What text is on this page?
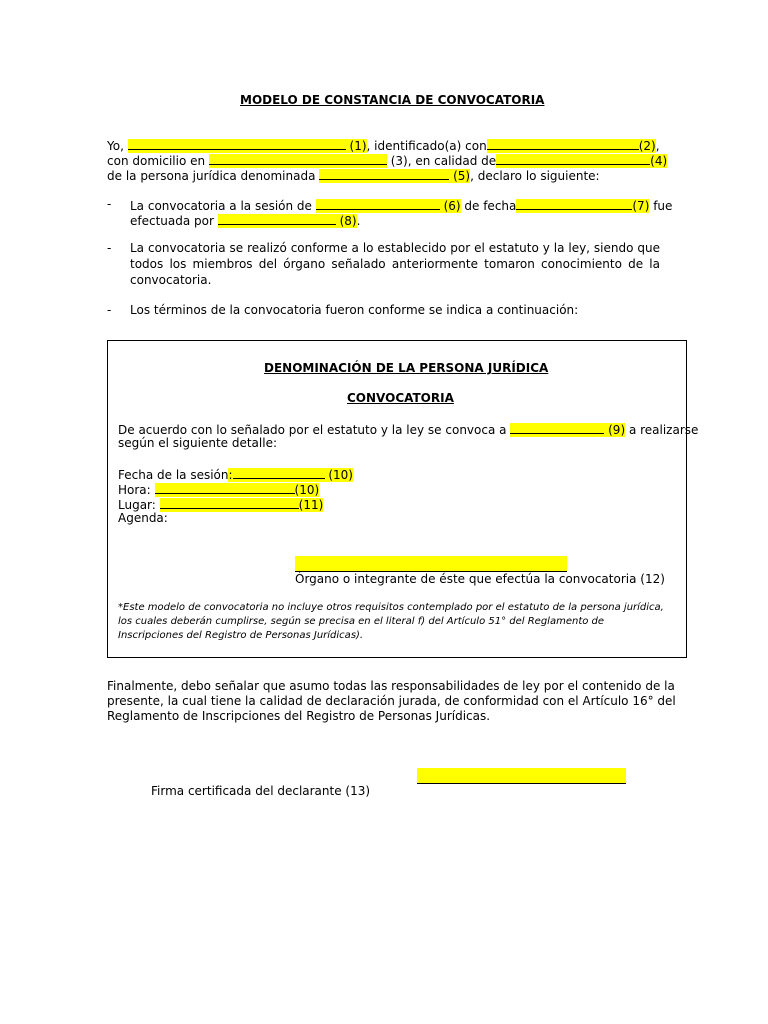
MODELO DE CONSTANCIA DE CONVOCATORIA
Yo,	(1), identificado(a) con	(2),
con domicilio en	(3), en calidad de	(4)
de la persona jurídica denominada	(5), declaro lo siguiente:
- La convocatoria a la sesión de	(6) de fecha	(7) fue
efectuada por	(8).
- La convocatoria se realizó conforme a lo establecido por el estatuto y la ley, siendo que
todos los miembros del órgano señalado anteriormente tomaron conocimiento de la
convocatoria.
- Los términos de la convocatoria fueron conforme se indica a continuación:
DENOMINACIÓN DE LA PERSONA JURÍDICA
CONVOCATORIA
De acuerdo con lo señalado por el estatuto y la ley se convoca a	(9) a realizarse
según el siguiente detalle:
Fecha de la sesión:	(10)
Hora:	(10)
Lugar:	(11)
Agenda:
Órgano o integrante de éste que efectúa la convocatoria (12)
*Este modelo de convocatoria no incluye otros requisitos contemplado por el estatuto de la persona jurídica,
los cuales deberán cumplirse, según se precisa en el literal f) del Artículo 51° del Reglamento de
Inscripciones del Registro de Personas Jurídicas).
Finalmente, debo señalar que asumo todas las responsabilidades de ley por el contenido de la
presente, la cual tiene la calidad de declaración jurada, de conformidad con el Artículo 16° del
Reglamento de Inscripciones del Registro de Personas Jurídicas.
Firma certificada del declarante (13)
